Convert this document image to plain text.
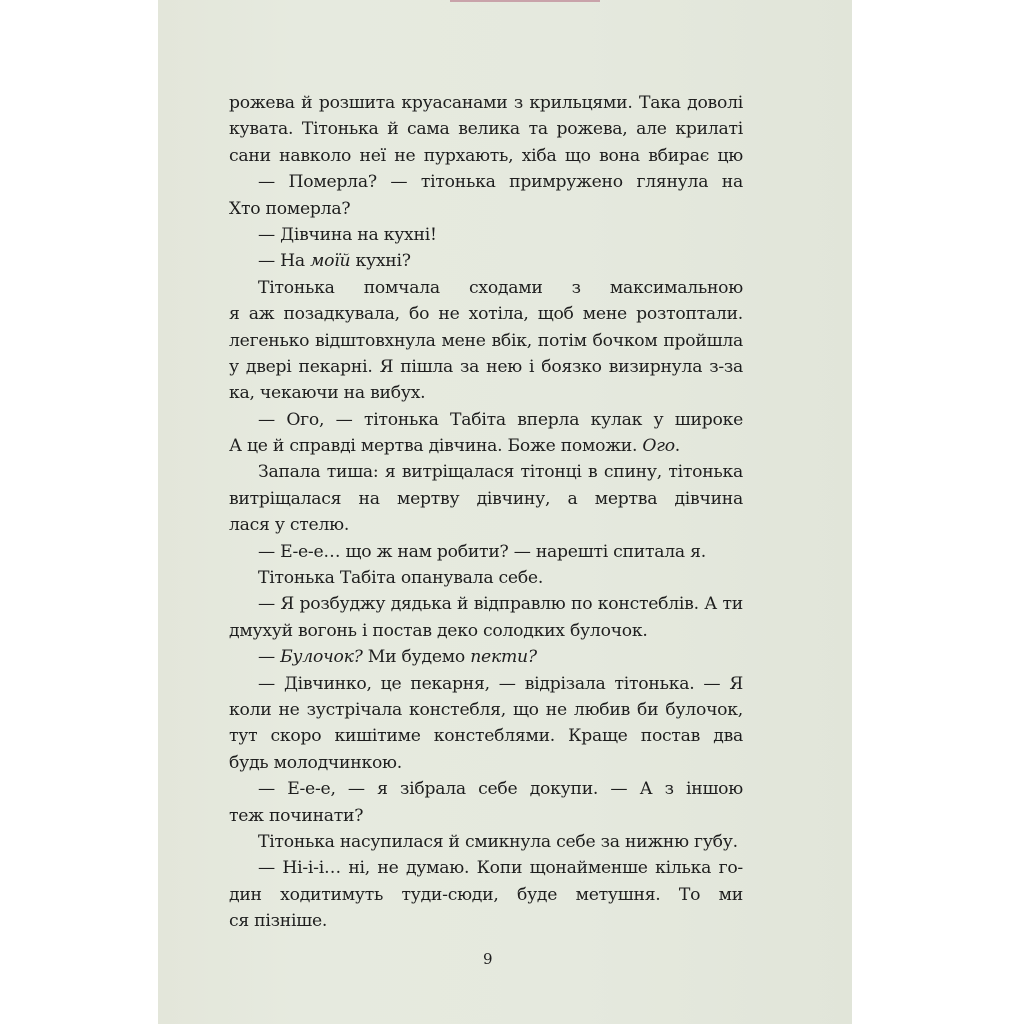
рожева й розшита круасанами з крильцями. Така доволі
кувата. Тітонька й сама велика та рожева, але крилаті
сани навколо неї не пурхають, хіба що вона вбирає цю
— Померла? — тітонька примружено глянула на
Хто померла?
— Дівчина на кухні!
— На моїй кухні?
Тітонька помчала сходами з максимальною
я аж позадкувала, бо не хотіла, щоб мене розтоптали.
легенько відштовхнула мене вбік, потім бочком пройшла
у двері пекарні. Я пішла за нею і боязко визирнула з-за
ка, чекаючи на вибух.
— Ого, — тітонька Табіта вперла кулак у широке
А це й справді мертва дівчина. Боже поможи. Ого.
Запала тиша: я витріщалася тітонці в спину, тітонька
витріщалася на мертву дівчину, а мертва дівчина
лася у стелю.
— Е-е-е… що ж нам робити? — нарешті спитала я.
Тітонька Табіта опанувала себе.
— Я розбуджу дядька й відправлю по констеблів. А ти
дмухуй вогонь і постав деко солодких булочок.
— Булочок? Ми будемо пекти?
— Дівчинко, це пекарня, — відрізала тітонька. — Я
коли не зустрічала констебля, що не любив би булочок,
тут скоро кишітиме констеблями. Краще постав два
будь молодчинкою.
— Е-е-е, — я зібрала себе докупи. — А з іншою
теж починати?
Тітонька насупилася й смикнула себе за нижню губу.
— Ні-і-і… ні, не думаю. Копи щонайменше кілька го-
дин ходитимуть туди-сюди, буде метушня. То ми
ся пізніше.
9
